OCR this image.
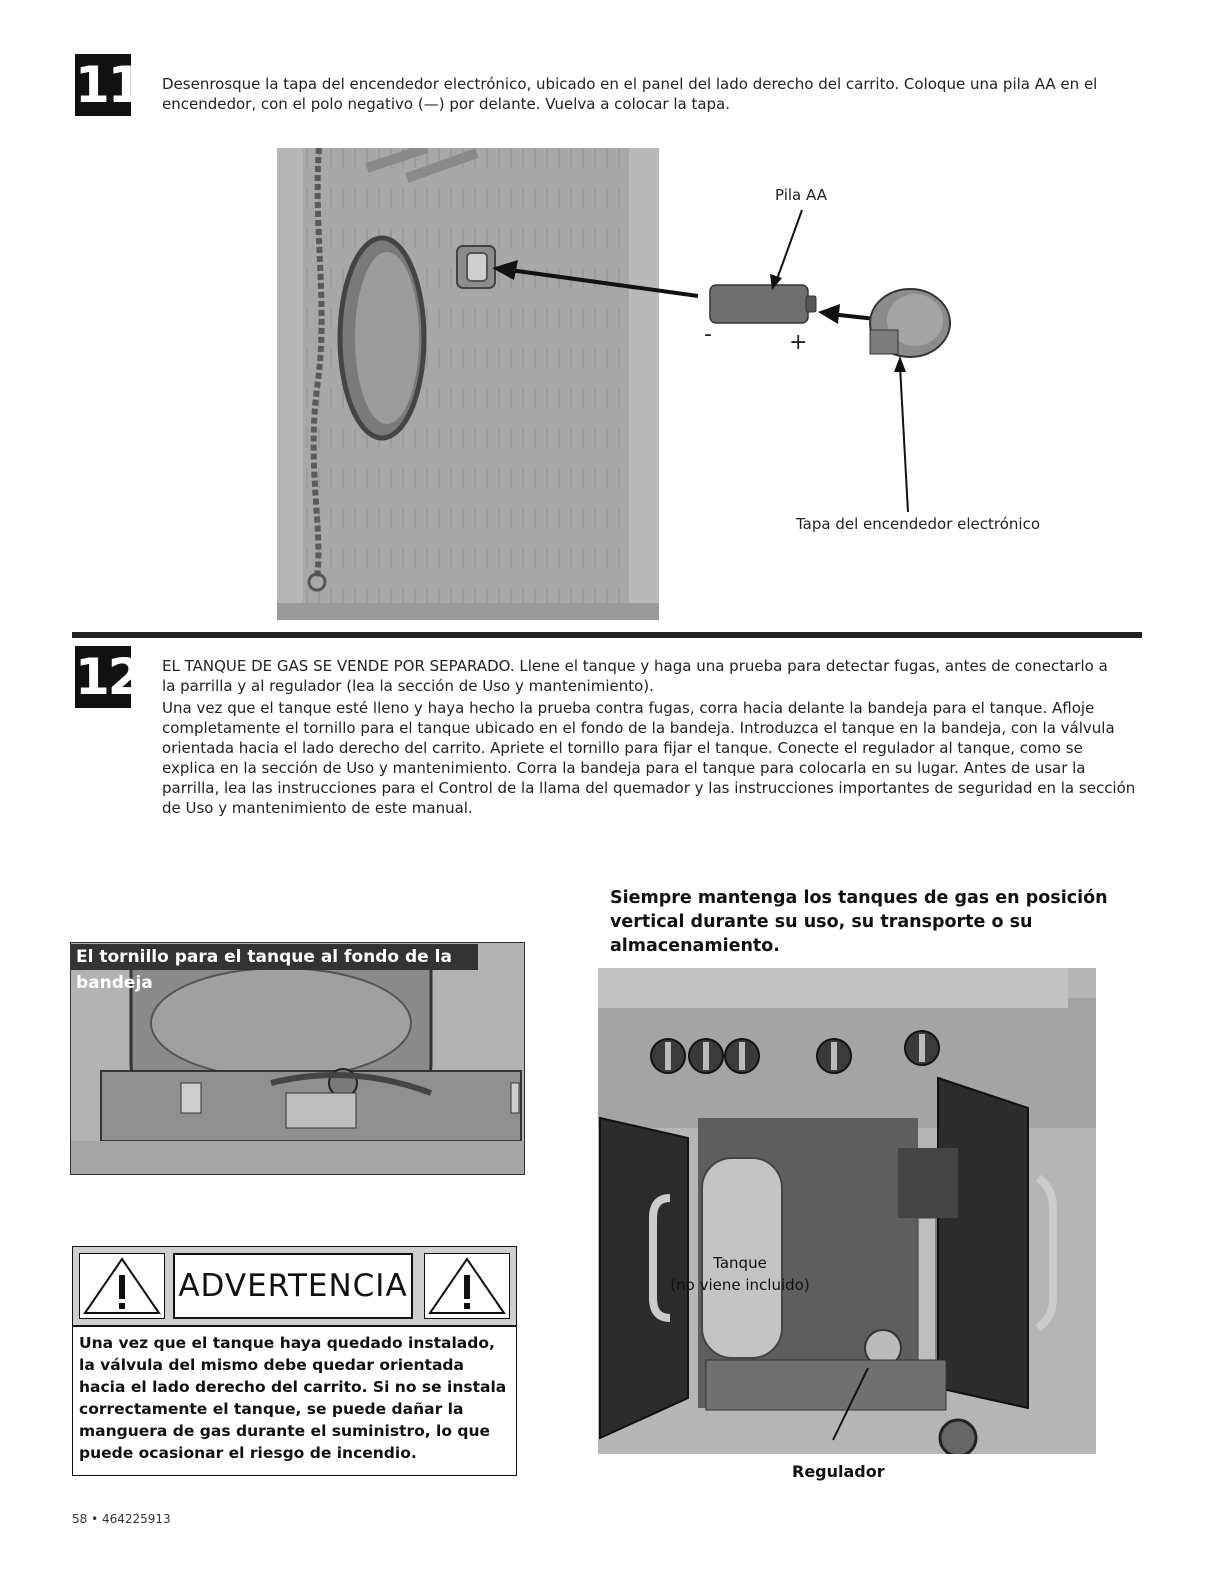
11 Desenrosque la tapa del encendedor electrónico, ubicado en el panel del lado derecho del carrito. Coloque una pila AA en el encendedor, con el polo negativo (—) por delante. Vuelva a colocar la tapa.
Pila AA
-	+
Tapa del encendedor electrónico
12 EL TANQUE DE GAS SE VENDE POR SEPARADO. Llene el tanque y haga una prueba para detectar fugas, antes de conectarlo a la parrilla y al regulador (lea la sección de Uso y mantenimiento).
Una vez que el tanque esté lleno y haya hecho la prueba contra fugas, corra hacia delante la bandeja para el tanque. Afloje completamente el tornillo para el tanque ubicado en el fondo de la bandeja. Introduzca el tanque en la bandeja, con la válvula orientada hacia el lado derecho del carrito. Apriete el tornillo para fijar el tanque. Conecte el regulador al tanque, como se explica en la sección de Uso y mantenimiento. Corra la bandeja para el tanque para colocarla en su lugar. Antes de usar la parrilla, lea las instrucciones para el Control de la llama del quemador y las instrucciones importantes de seguridad en la sección de Uso y mantenimiento de este manual.
El tornillo para el tanque al fondo de la bandeja
Siempre mantenga los tanques de gas en posición vertical durante su uso, su transporte o su almacenamiento.
Tanque
(no viene incluido)
Regulador
ADVERTENCIA
Una vez que el tanque haya quedado instalado, la válvula del mismo debe quedar orientada hacia el lado derecho del carrito. Si no se instala correctamente el tanque, se puede dañar la manguera de gas durante el suministro, lo que puede ocasionar el riesgo de incendio.
58 • 464225913
